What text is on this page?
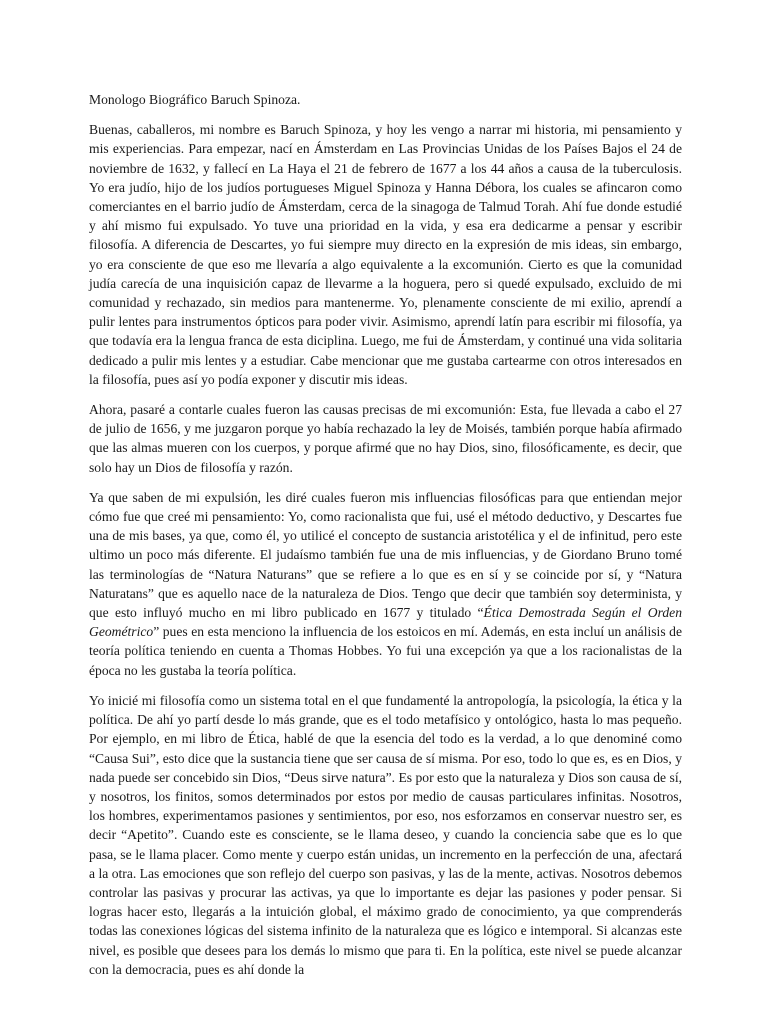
Monologo Biográfico Baruch Spinoza.

Buenas, caballeros, mi nombre es Baruch Spinoza, y hoy les vengo a narrar mi historia, mi pensamiento y mis experiencias. Para empezar, nací en Ámsterdam en Las Provincias Unidas de los Países Bajos el 24 de noviembre de 1632, y fallecí en La Haya el 21 de febrero de 1677 a los 44 años a causa de la tuberculosis. Yo era judío, hijo de los judíos portugueses Miguel Spinoza y Hanna Débora, los cuales se afincaron como comerciantes en el barrio judío de Ámsterdam, cerca de la sinagoga de Talmud Torah. Ahí fue donde estudié y ahí mismo fui expulsado. Yo tuve una prioridad en la vida, y esa era dedicarme a pensar y escribir filosofía. A diferencia de Descartes, yo fui siempre muy directo en la expresión de mis ideas, sin embargo, yo era consciente de que eso me llevaría a algo equivalente a la excomunión. Cierto es que la comunidad judía carecía de una inquisición capaz de llevarme a la hoguera, pero si quedé expulsado, excluido de mi comunidad y rechazado, sin medios para mantenerme. Yo, plenamente consciente de mi exilio, aprendí a pulir lentes para instrumentos ópticos para poder vivir. Asimismo, aprendí latín para escribir mi filosofía, ya que todavía era la lengua franca de esta diciplina. Luego, me fui de Ámsterdam, y continué una vida solitaria dedicado a pulir mis lentes y a estudiar. Cabe mencionar que me gustaba cartearme con otros interesados en la filosofía, pues así yo podía exponer y discutir mis ideas.

Ahora, pasaré a contarle cuales fueron las causas precisas de mi excomunión: Esta, fue llevada a cabo el 27 de julio de 1656, y me juzgaron porque yo había rechazado la ley de Moisés, también porque había afirmado que las almas mueren con los cuerpos, y porque afirmé que no hay Dios, sino, filosóficamente, es decir, que solo hay un Dios de filosofía y razón.

Ya que saben de mi expulsión, les diré cuales fueron mis influencias filosóficas para que entiendan mejor cómo fue que creé mi pensamiento: Yo, como racionalista que fui, usé el método deductivo, y Descartes fue una de mis bases, ya que, como él, yo utilicé el concepto de sustancia aristotélica y el de infinitud, pero este ultimo un poco más diferente. El judaísmo también fue una de mis influencias, y de Giordano Bruno tomé las terminologías de “Natura Naturans” que se refiere a lo que es en sí y se coincide por sí, y “Natura Naturatans” que es aquello nace de la naturaleza de Dios. Tengo que decir que también soy determinista, y que esto influyó mucho en mi libro publicado en 1677 y titulado “Ética Demostrada Según el Orden Geométrico” pues en esta menciono la influencia de los estoicos en mí. Además, en esta incluí un análisis de teoría política teniendo en cuenta a Thomas Hobbes. Yo fui una excepción ya que a los racionalistas de la época no les gustaba la teoría política.

Yo inicié mi filosofía como un sistema total en el que fundamenté la antropología, la psicología, la ética y la política. De ahí yo partí desde lo más grande, que es el todo metafísico y ontológico, hasta lo mas pequeño. Por ejemplo, en mi libro de Ética, hablé de que la esencia del todo es la verdad, a lo que denominé como “Causa Sui”, esto dice que la sustancia tiene que ser causa de sí misma. Por eso, todo lo que es, es en Dios, y nada puede ser concebido sin Dios, “Deus sirve natura”. Es por esto que la naturaleza y Dios son causa de sí, y nosotros, los finitos, somos determinados por estos por medio de causas particulares infinitas. Nosotros, los hombres, experimentamos pasiones y sentimientos, por eso, nos esforzamos en conservar nuestro ser, es decir “Apetito”. Cuando este es consciente, se le llama deseo, y cuando la conciencia sabe que es lo que pasa, se le llama placer. Como mente y cuerpo están unidas, un incremento en la perfección de una, afectará a la otra. Las emociones que son reflejo del cuerpo son pasivas, y las de la mente, activas. Nosotros debemos controlar las pasivas y procurar las activas, ya que lo importante es dejar las pasiones y poder pensar. Si logras hacer esto, llegarás a la intuición global, el máximo grado de conocimiento, ya que comprenderás todas las conexiones lógicas del sistema infinito de la naturaleza que es lógico e intemporal. Si alcanzas este nivel, es posible que desees para los demás lo mismo que para ti. En la política, este nivel se puede alcanzar con la democracia, pues es ahí donde la
